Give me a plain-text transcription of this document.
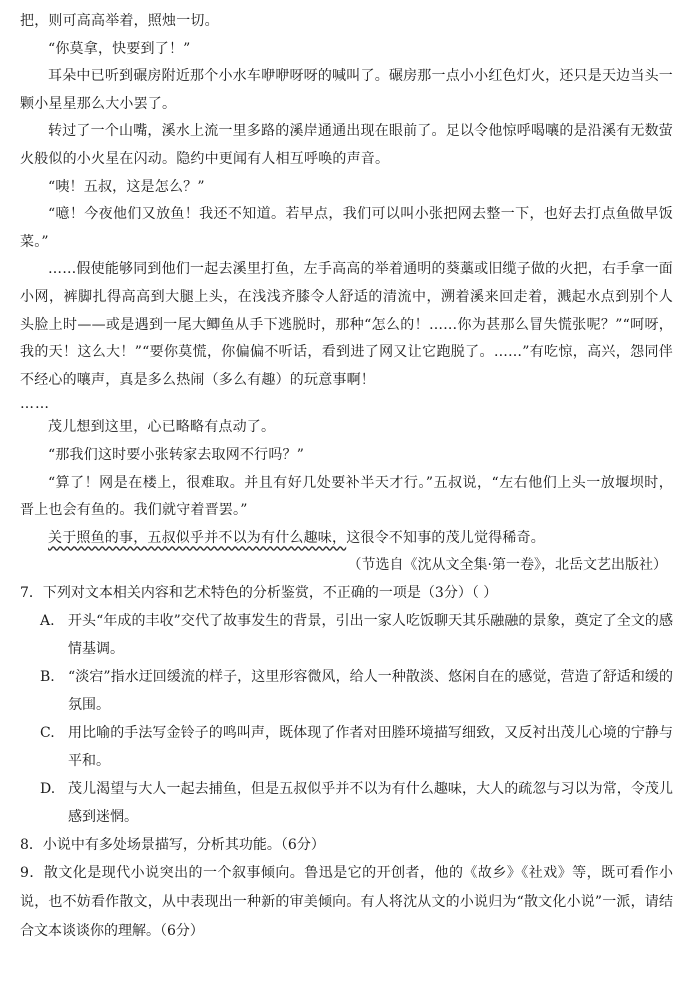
把，则可高高举着，照烛一切。

“你莫拿，快要到了！”

耳朵中已听到碾房附近那个小水车咿咿呀呀的喊叫了。碾房那一点小小红色灯火，还只是天边当头一颗小星星那么大小罢了。

转过了一个山嘴，溪水上流一里多路的溪岸通通出现在眼前了。足以令他惊呼喝嚷的是沿溪有无数萤火般似的小火星在闪动。隐约中更闻有人相互呼唤的声音。

“咦！五叔，这是怎么？”

“噫！今夜他们又放鱼！我还不知道。若早点，我们可以叫小张把网去整一下，也好去打点鱼做早饭菜。”

……假使能够同到他们一起去溪里打鱼，左手高高的举着通明的葵藁或旧缆子做的火把，右手拿一面小网，裤脚扎得高高到大腿上头，在浅浅齐膝令人舒适的清流中，溯着溪来回走着，溅起水点到别个人头脸上时——或是遇到一尾大鲫鱼从手下逃脱时，那种“怎么的！……你为甚那么冒失慌张呢？”“呵呀，我的天！这么大！”“要你莫慌，你偏偏不听话，看到进了网又让它跑脱了。……”有吃惊，高兴，怨同伴不经心的嚷声，真是多么热闹（多么有趣）的玩意事啊！

……

茂儿想到这里，心已略略有点动了。

“那我们这时要小张转家去取网不行吗？”

“算了！网是在楼上，很难取。并且有好几处要补半天才行。”五叔说，“左右他们上头一放堰坝时，晋上也会有鱼的。我们就守着晋罢。”

关于照鱼的事，五叔似乎并不以为有什么趣味，这很令不知事的茂儿觉得稀奇。

（节选自《沈从文全集·第一卷》，北岳文艺出版社）

7．下列对文本相关内容和艺术特色的分析鉴赏，不正确的一项是（3分）（ ）

A. 开头“年成的丰收”交代了故事发生的背景，引出一家人吃饭聊天其乐融融的景象，奠定了全文的感情基调。
B. “淡宕”指水迂回缓流的样子，这里形容微风，给人一种散淡、悠闲自在的感觉，营造了舒适和缓的氛围。
C. 用比喻的手法写金铃子的鸣叫声，既体现了作者对田塍环境描写细致，又反衬出茂儿心境的宁静与平和。
D. 茂儿渴望与大人一起去捕鱼，但是五叔似乎并不以为有什么趣味，大人的疏忽与习以为常，令茂儿感到迷惘。

8．小说中有多处场景描写，分析其功能。（6分）

9．散文化是现代小说突出的一个叙事倾向。鲁迅是它的开创者，他的《故乡》《社戏》等，既可看作小说，也不妨看作散文，从中表现出一种新的审美倾向。有人将沈从文的小说归为“散文化小说”一派，请结合文本谈谈你的理解。（6分）
